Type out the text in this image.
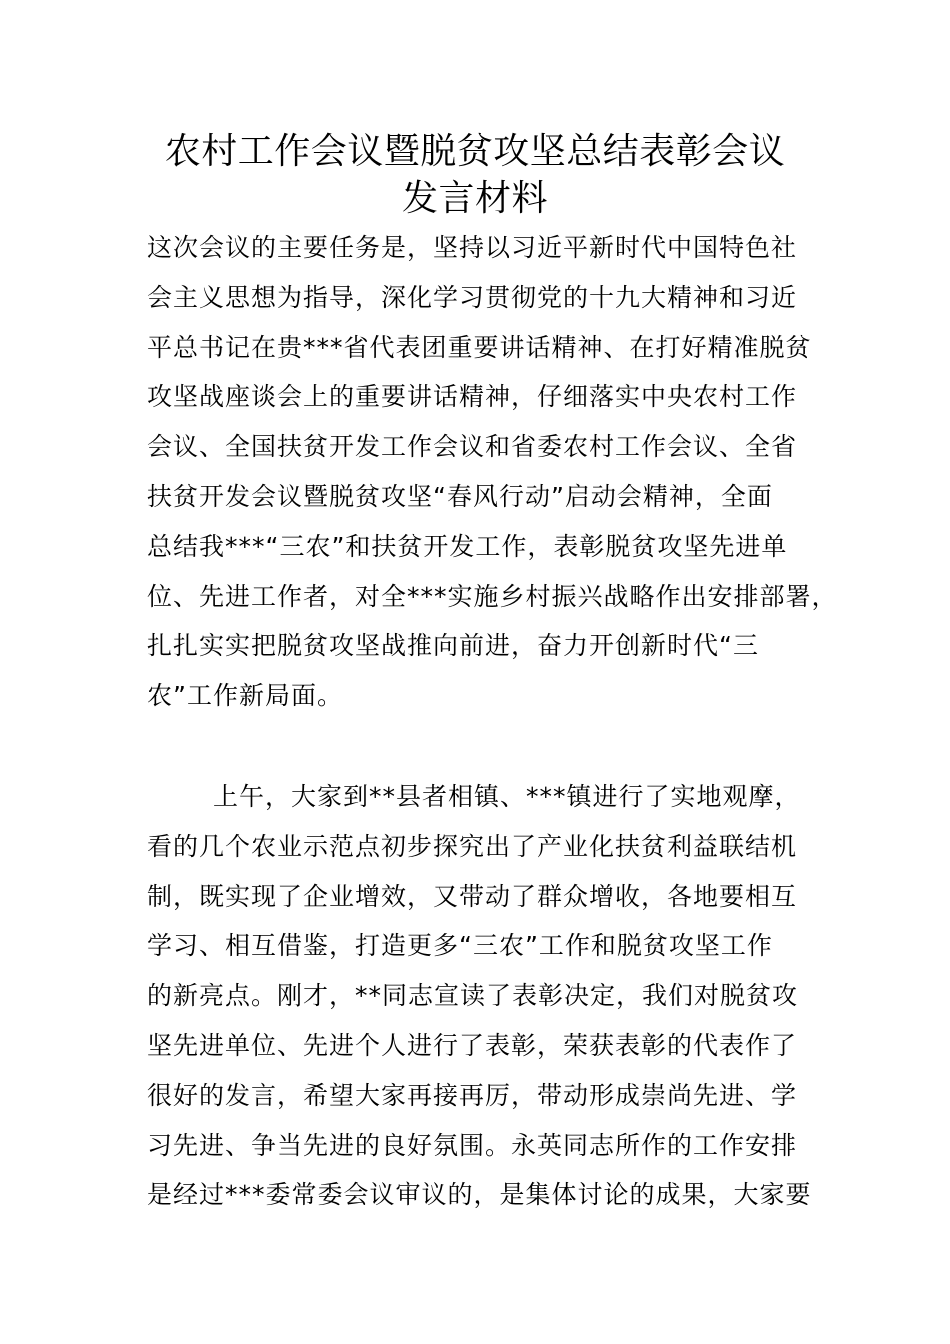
农村工作会议暨脱贫攻坚总结表彰会议
发言材料
这次会议的主要任务是，坚持以习近平新时代中国特色社
会主义思想为指导，深化学习贯彻党的十九大精神和习近
平总书记在贵***省代表团重要讲话精神、在打好精准脱贫
攻坚战座谈会上的重要讲话精神，仔细落实中央农村工作
会议、全国扶贫开发工作会议和省委农村工作会议、全省
扶贫开发会议暨脱贫攻坚“春风行动”启动会精神，全面
总结我***“三农”和扶贫开发工作，表彰脱贫攻坚先进单
位、先进工作者，对全***实施乡村振兴战略作出安排部署，
扎扎实实把脱贫攻坚战推向前进，奋力开创新时代“三
农”工作新局面。
上午，大家到**县者相镇、***镇进行了实地观摩，
看的几个农业示范点初步探究出了产业化扶贫利益联结机
制，既实现了企业增效，又带动了群众增收，各地要相互
学习、相互借鉴，打造更多“三农”工作和脱贫攻坚工作
的新亮点。刚才，**同志宣读了表彰决定，我们对脱贫攻
坚先进单位、先进个人进行了表彰，荣获表彰的代表作了
很好的发言，希望大家再接再厉，带动形成崇尚先进、学
习先进、争当先进的良好氛围。永英同志所作的工作安排
是经过***委常委会议审议的，是集体讨论的成果，大家要
